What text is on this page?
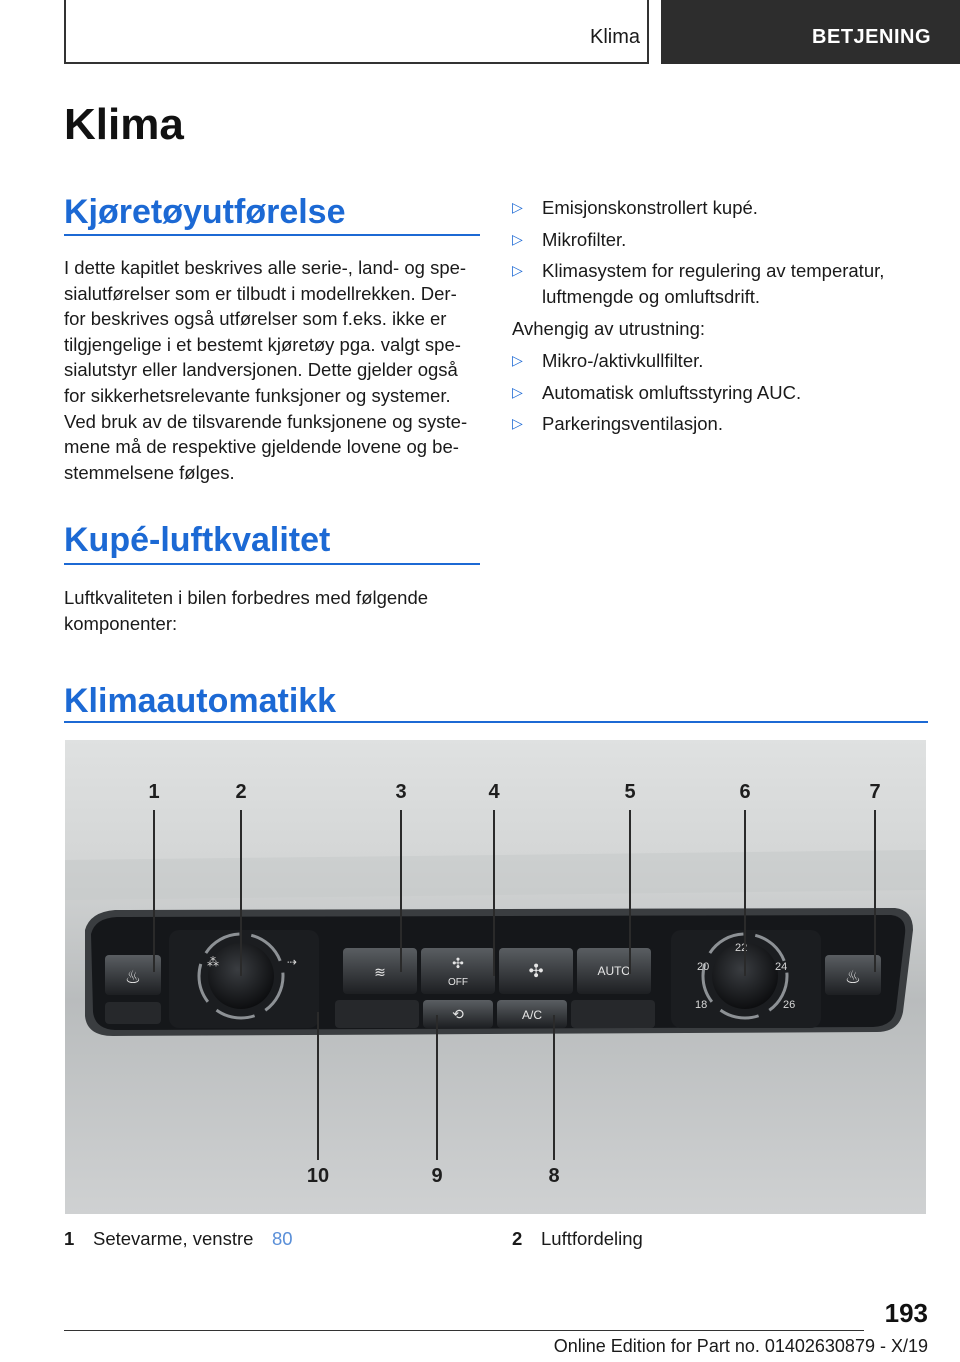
Klima	BETJENING
Klima
Kjøretøyutførelse
I dette kapitlet beskrives alle serie-, land- og spe-
sialutførelser som er tilbudt i modellrekken. Der-
for beskrives også utførelser som f.eks. ikke er
tilgjengelige i et bestemt kjøretøy pga. valgt spe-
sialutstyr eller landversjonen. Dette gjelder også
for sikkerhetsrelevante funksjoner og systemer.
Ved bruk av de tilsvarende funksjonene og syste-
mene må de respektive gjeldende lovene og be-
stemmelsene følges.
Kupé-luftkvalitet
Luftkvaliteten i bilen forbedres med følgende
komponenter:
▷ Emisjonskonstrollert kupé.
▷ Mikrofilter.
▷ Klimasystem for regulering av temperatur, luftmengde og omluftsdrift.
Avhengig av utrustning:
▷ Mikro-/aktivkullfilter.
▷ Automatisk omluftsstyring AUC.
▷ Parkeringsventilasjon.
Klimaautomatikk
♨
⁂	⇢
≋
✣
OFF
✣	AUTO
⟲	A/C
18
20
22
24
26
♨
1	2	3	4	5	6	7
8
9
10
1 Setevarme, venstre 80	2 Luftfordeling
193
Online Edition for Part no. 01402630879 - X/19
